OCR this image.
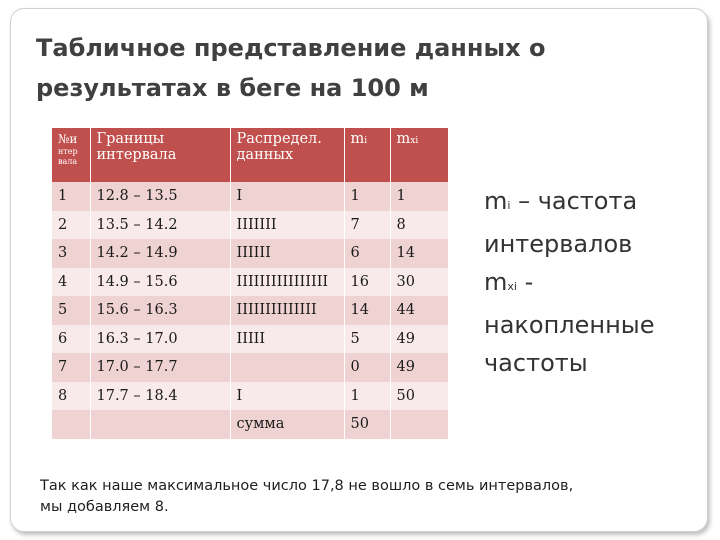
Табличное представление данных о результатах в беге на 100 м
№и
нтер
вала	Границы интервала	Распредел. данных	mi	mxi
1	12.8 – 13.5	I	1	1
2	13.5 – 14.2	IIIIIII	7	8
3	14.2 – 14.9	IIIIII	6	14
4	14.9 – 15.6	IIIIIIIIIIIIIIII	16	30
5	15.6 – 16.3	IIIIIIIIIIIIII	14	44
6	16.3 – 17.0	IIIII	5	49
7	17.0 – 17.7		0	49
8	17.7 – 18.4	I	1	50
		сумма	50	
mi – частота интервалов
mxi - накопленные частоты
Так как наше максимальное число 17,8 не вошло в семь интервалов, мы добавляем 8.
